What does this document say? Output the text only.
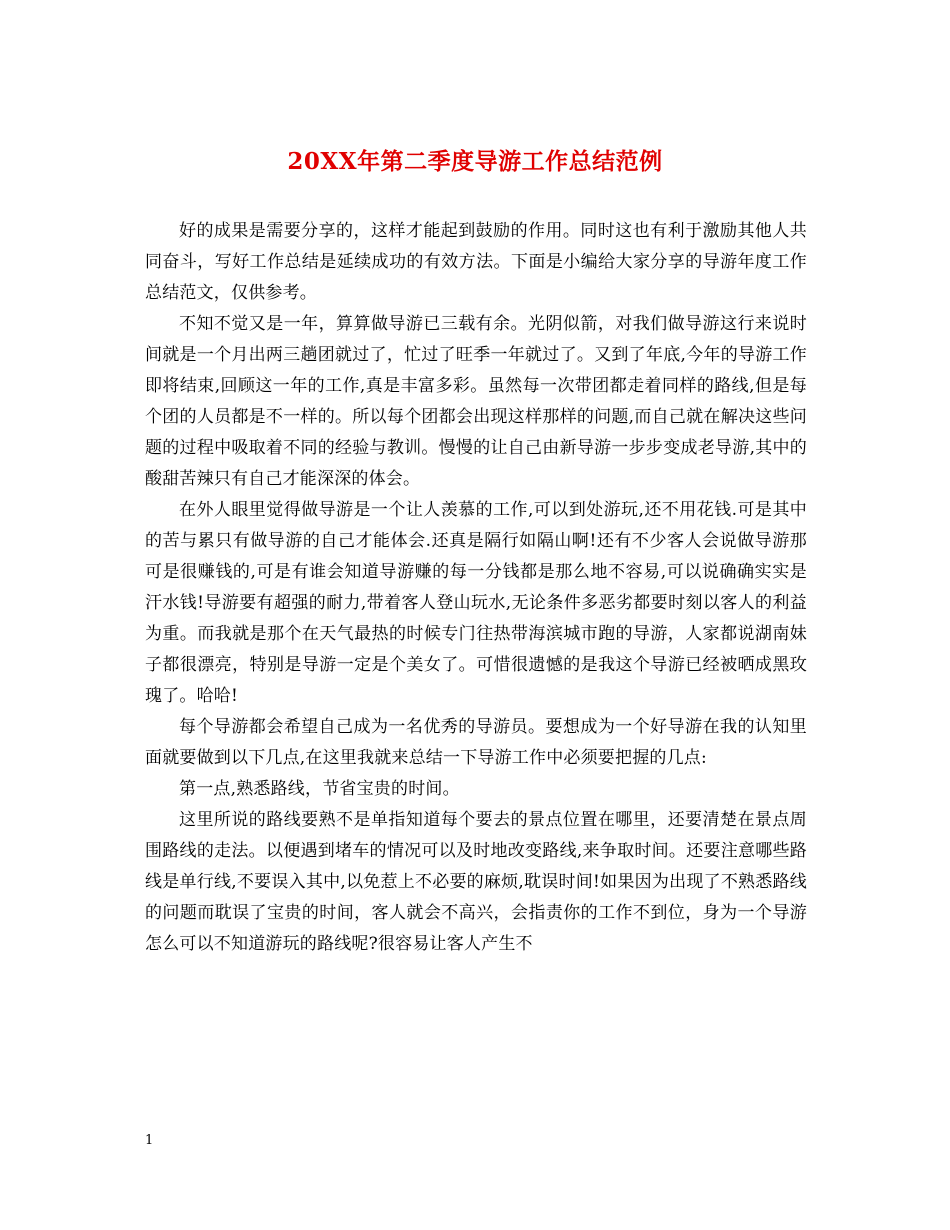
20XX年第二季度导游工作总结范例

好的成果是需要分享的，这样才能起到鼓励的作用。同时这也有利于激励其他人共同奋斗，写好工作总结是延续成功的有效方法。下面是小编给大家分享的导游年度工作总结范文，仅供参考。

不知不觉又是一年，算算做导游已三载有余。光阴似箭，对我们做导游这行来说时间就是一个月出两三趟团就过了，忙过了旺季一年就过了。又到了年底,今年的导游工作即将结束,回顾这一年的工作,真是丰富多彩。虽然每一次带团都走着同样的路线,但是每个团的人员都是不一样的。所以每个团都会出现这样那样的问题,而自己就在解决这些问题的过程中吸取着不同的经验与教训。慢慢的让自己由新导游一步步变成老导游,其中的酸甜苦辣只有自己才能深深的体会。

在外人眼里觉得做导游是一个让人羡慕的工作,可以到处游玩,还不用花钱.可是其中的苦与累只有做导游的自己才能体会.还真是隔行如隔山啊!还有不少客人会说做导游那可是很赚钱的,可是有谁会知道导游赚的每一分钱都是那么地不容易,可以说确确实实是汗水钱!导游要有超强的耐力,带着客人登山玩水,无论条件多恶劣都要时刻以客人的利益为重。而我就是那个在天气最热的时候专门往热带海滨城市跑的导游，人家都说湖南妹子都很漂亮，特别是导游一定是个美女了。可惜很遗憾的是我这个导游已经被晒成黑玫瑰了。哈哈!

每个导游都会希望自己成为一名优秀的导游员。要想成为一个好导游在我的认知里面就要做到以下几点,在这里我就来总结一下导游工作中必须要把握的几点:

第一点,熟悉路线，节省宝贵的时间。

这里所说的路线要熟不是单指知道每个要去的景点位置在哪里，还要清楚在景点周围路线的走法。以便遇到堵车的情况可以及时地改变路线,来争取时间。还要注意哪些路线是单行线,不要误入其中,以免惹上不必要的麻烦,耽误时间!如果因为出现了不熟悉路线的问题而耽误了宝贵的时间，客人就会不高兴，会指责你的工作不到位，身为一个导游怎么可以不知道游玩的路线呢?很容易让客人产生不

1
